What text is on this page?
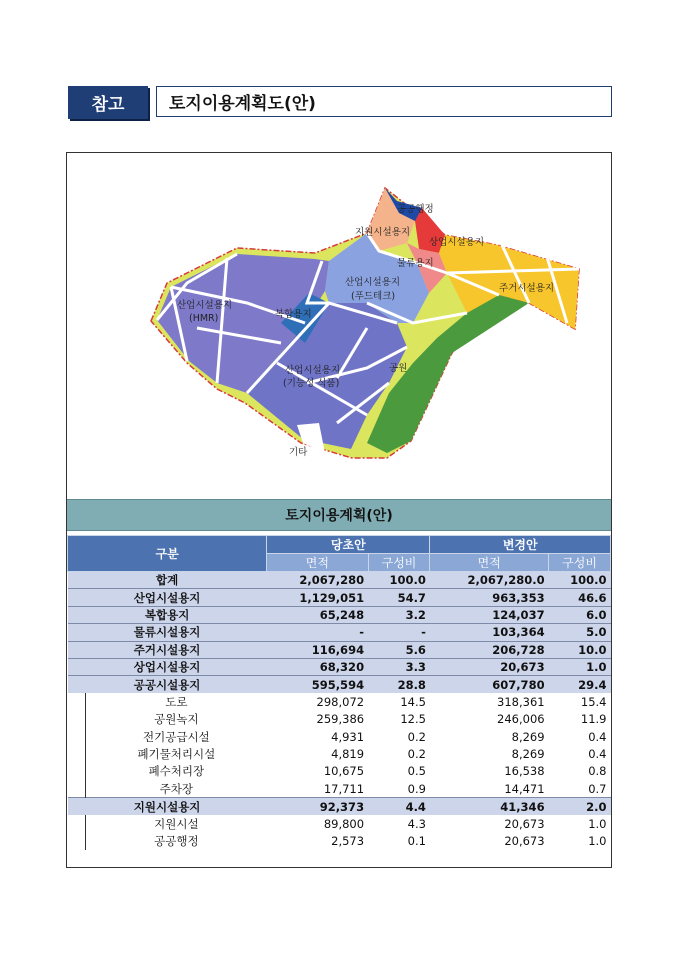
참고	토지이용계획도(안)
공공행정
지원시설용지
상업시설용지
물류용지
주거시설용지
산업시설용지
(푸드테크)
산업시설용지
(HMR)	복합용지
산업시설용지
(기능성 식품)
공원
기타
토지이용계획(안)
구분		당초안		변경안	
		면적	구성비	면적	구성비
합계		2,067,280	100.0	2,067,280.0	100.0
산업시설용지		1,129,051	54.7	963,353	46.6
복합용지		65,248	3.2	124,037	6.0
물류시설용지		-	-	103,364	5.0
주거시설용지		116,694	5.6	206,728	10.0
상업시설용지		68,320	3.3	20,673	1.0
공공시설용지		595,594	28.8	607,780	29.4
	도로	298,072	14.5	318,361	15.4
	공원녹지	259,386	12.5	246,006	11.9
	전기공급시설	4,931	0.2	8,269	0.4
	폐기물처리시설	4,819	0.2	8,269	0.4
	폐수처리장	10,675	0.5	16,538	0.8
	주차장	17,711	0.9	14,471	0.7
지원시설용지		92,373	4.4	41,346	2.0
	지원시설	89,800	4.3	20,673	1.0
	공공행정	2,573	0.1	20,673	1.0
